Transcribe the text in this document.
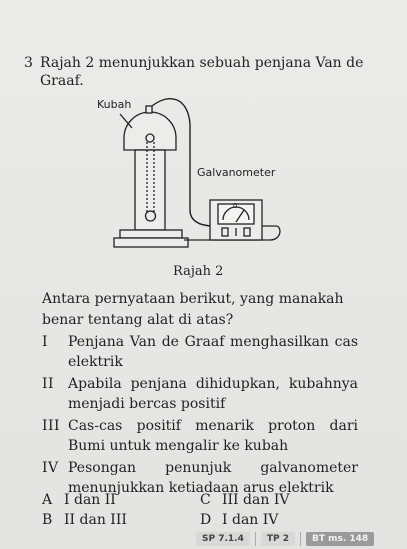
3 Rajah 2 menunjukkan sebuah penjana Van de Graaf.
Kubah
Galvanometer
0
Rajah 2
Antara pernyataan berikut, yang manakah benar tentang alat di atas?
I	Penjana Van de Graaf menghasilkan cas elektrik
II Apabila penjana dihidupkan, kubahnya menjadi bercas positif
III Cas-cas positif menarik proton dari Bumi untuk mengalir ke kubah
IV Pesongan penunjuk galvanometer menunjukkan ketiadaan arus elektrik
A I dan II
B II dan III
C III dan IV
D I dan IV
SP 7.1.4	TP 2	BT ms. 148
